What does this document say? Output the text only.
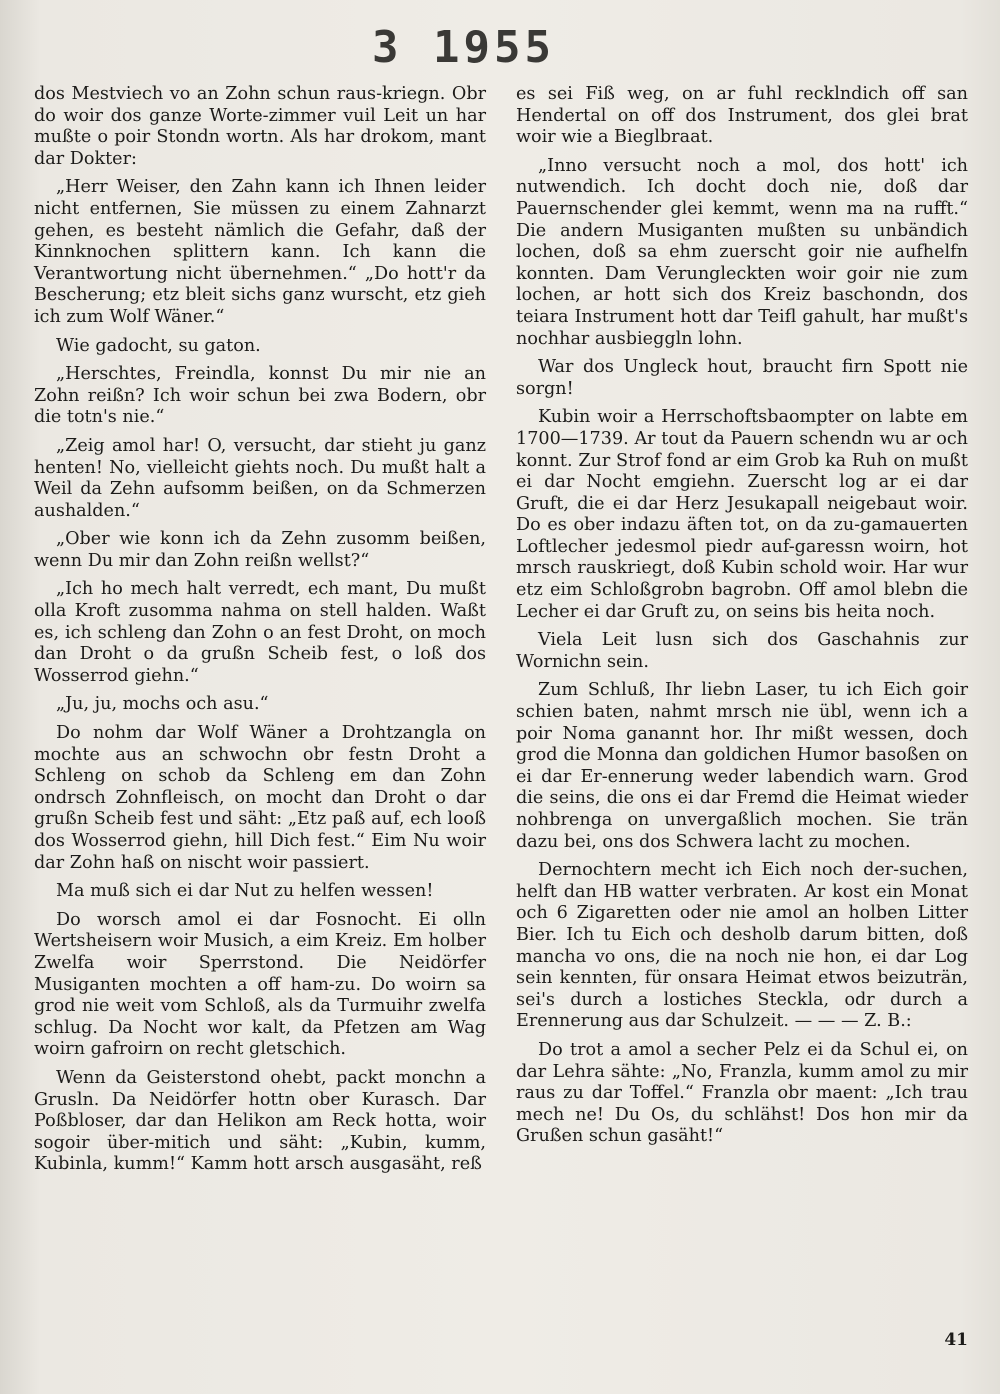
3 1955

dos Mestviech vo an Zohn schun raus-kriegn. Obr do woir dos ganze Worte-zimmer vuil Leit un har mußte o poir Stondn wortn. Als har drokom, mant dar Dokter:

„Herr Weiser, den Zahn kann ich Ihnen leider nicht entfernen, Sie müssen zu einem Zahnarzt gehen, es besteht nämlich die Gefahr, daß der Kinnknochen splittern kann. Ich kann die Verantwortung nicht übernehmen.“ „Do hott'r da Bescherung; etz bleit sichs ganz wurscht, etz gieh ich zum Wolf Wäner.“

Wie gadocht, su gaton.

„Herschtes, Freindla, konnst Du mir nie an Zohn reißn? Ich woir schun bei zwa Bodern, obr die totn's nie.“

„Zeig amol har! O, versucht, dar stieht ju ganz henten! No, vielleicht giehts noch. Du mußt halt a Weil da Zehn aufsomm beißen, on da Schmerzen aushalden.“

„Ober wie konn ich da Zehn zusomm beißen, wenn Du mir dan Zohn reißn wellst?“

„Ich ho mech halt verredt, ech mant, Du mußt olla Kroft zusomma nahma on stell halden. Waßt es, ich schleng dan Zohn o an fest Droht, on moch dan Droht o da grußn Scheib fest, o loß dos Wosserrod giehn.“

„Ju, ju, mochs och asu.“

Do nohm dar Wolf Wäner a Drohtzangla on mochte aus an schwochn obr festn Droht a Schleng on schob da Schleng em dan Zohn ondrsch Zohnfleisch, on mocht dan Droht o dar grußn Scheib fest und säht: „Etz paß auf, ech looß dos Wosserrod giehn, hill Dich fest.“ Eim Nu woir dar Zohn haß on nischt woir passiert.

Ma muß sich ei dar Nut zu helfen wessen!

Do worsch amol ei dar Fosnocht. Ei olln Wertsheisern woir Musich, a eim Kreiz. Em holber Zwelfa woir Sperrstond. Die Neidörfer Musiganten mochten a off ham-zu. Do woirn sa grod nie weit vom Schloß, als da Turmuihr zwelfa schlug. Da Nocht wor kalt, da Pfetzen am Wag woirn gafroirn on recht gletschich.

Wenn da Geisterstond ohebt, packt monchn a Grusln. Da Neidörfer hottn ober Kurasch. Dar Poßbloser, dar dan Helikon am Reck hotta, woir sogoir über-mitich und säht: „Kubin, kumm, Kubinla, kumm!“ Kamm hott arsch ausgasäht, reß

es sei Fiß weg, on ar fuhl recklndich off san Hendertal on off dos Instrument, dos glei brat woir wie a Bieglbraat.

„Inno versucht noch a mol, dos hott' ich nutwendich. Ich docht doch nie, doß dar Pauernschender glei kemmt, wenn ma na rufft.“ Die andern Musiganten mußten su unbändich lochen, doß sa ehm zuerscht goir nie aufhelfn konnten. Dam Verungleckten woir goir nie zum lochen, ar hott sich dos Kreiz baschondn, dos teiara Instrument hott dar Teifl gahult, har mußt's nochhar ausbieggln lohn.

War dos Ungleck hout, braucht firn Spott nie sorgn!

Kubin woir a Herrschoftsbaompter on labte em 1700—1739. Ar tout da Pauern schendn wu ar och konnt. Zur Strof fond ar eim Grob ka Ruh on mußt ei dar Nocht emgiehn. Zuerscht log ar ei dar Gruft, die ei dar Herz Jesukapall neigebaut woir. Do es ober indazu äften tot, on da zu-gamauerten Loftlecher jedesmol piedr auf-garessn woirn, hot mrsch rauskriegt, doß Kubin schold woir. Har wur etz eim Schloßgrobn bagrobn. Off amol blebn die Lecher ei dar Gruft zu, on seins bis heita noch.

Viela Leit lusn sich dos Gaschahnis zur Wornichn sein.

Zum Schluß, Ihr liebn Laser, tu ich Eich goir schien baten, nahmt mrsch nie übl, wenn ich a poir Noma ganannt hor. Ihr mißt wessen, doch grod die Monna dan goldichen Humor basoßen on ei dar Er-ennerung weder labendich warn. Grod die seins, die ons ei dar Fremd die Heimat wieder nohbrenga on unvergaßlich mochen. Sie trän dazu bei, ons dos Schwera lacht zu mochen.

Dernochtern mecht ich Eich noch der-suchen, helft dan HB watter verbraten. Ar kost ein Monat och 6 Zigaretten oder nie amol an holben Litter Bier. Ich tu Eich och desholb darum bitten, doß mancha vo ons, die na noch nie hon, ei dar Log sein kennten, für onsara Heimat etwos beizuträn, sei's durch a lostiches Steckla, odr durch a Erennerung aus dar Schulzeit. — — — Z. B.:

Do trot a amol a secher Pelz ei da Schul ei, on dar Lehra sähte: „No, Franzla, kumm amol zu mir raus zu dar Toffel.“ Franzla obr maent: „Ich trau mech ne! Du Os, du schlähst! Dos hon mir da Grußen schun gasäht!“

41
